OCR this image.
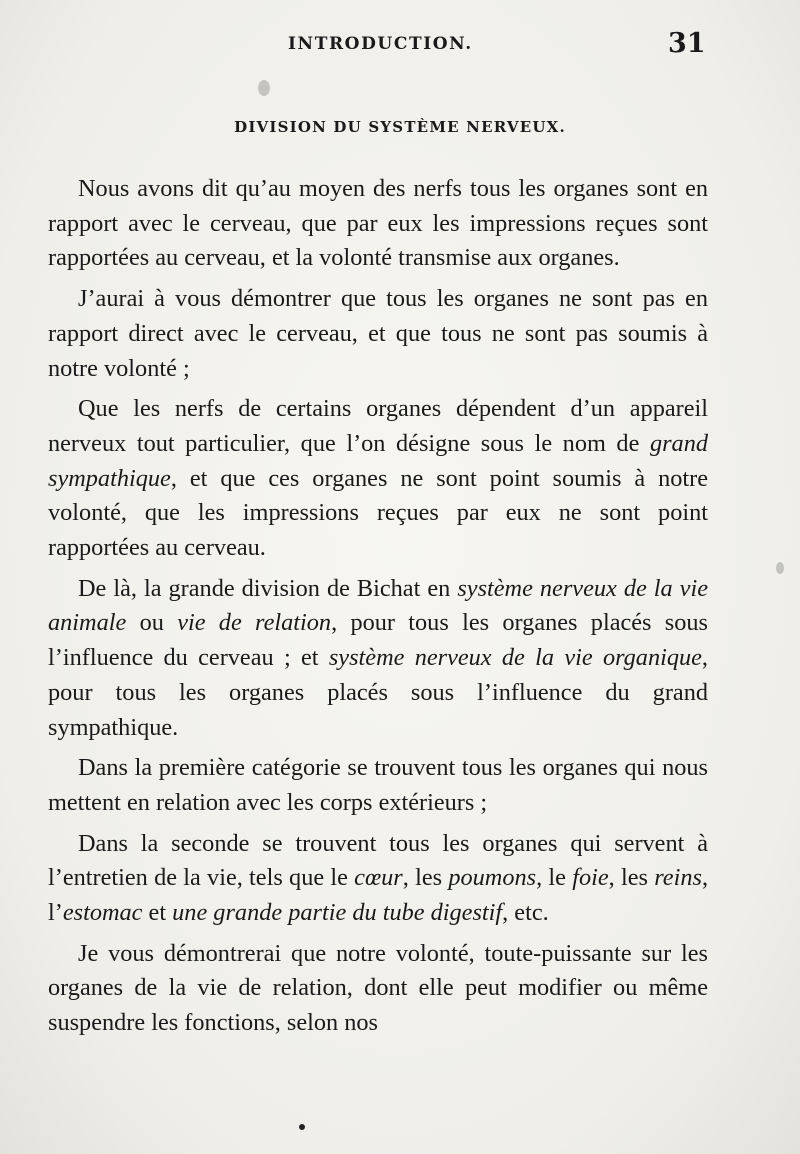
INTRODUCTION.	31
DIVISION DU SYSTÈME NERVEUX.

Nous avons dit qu’au moyen des nerfs tous les organes sont en rapport avec le cerveau, que par eux les impressions reçues sont rapportées au cerveau, et la volonté transmise aux organes.

J’aurai à vous démontrer que tous les organes ne sont pas en rapport direct avec le cerveau, et que tous ne sont pas soumis à notre volonté ;

Que les nerfs de certains organes dépendent d’un appareil nerveux tout particulier, que l’on désigne sous le nom de grand sympathique, et que ces organes ne sont point soumis à notre volonté, que les impressions reçues par eux ne sont point rapportées au cerveau.

De là, la grande division de Bichat en système nerveux de la vie animale ou vie de relation, pour tous les organes placés sous l’influence du cerveau ; et système nerveux de la vie organique, pour tous les organes placés sous l’influence du grand sympathique.

Dans la première catégorie se trouvent tous les organes qui nous mettent en relation avec les corps extérieurs ;

Dans la seconde se trouvent tous les organes qui servent à l’entretien de la vie, tels que le cœur, les poumons, le foie, les reins, l’estomac et une grande partie du tube digestif, etc.

Je vous démontrerai que notre volonté, toute-puissante sur les organes de la vie de relation, dont elle peut modifier ou même suspendre les fonctions, selon nos
